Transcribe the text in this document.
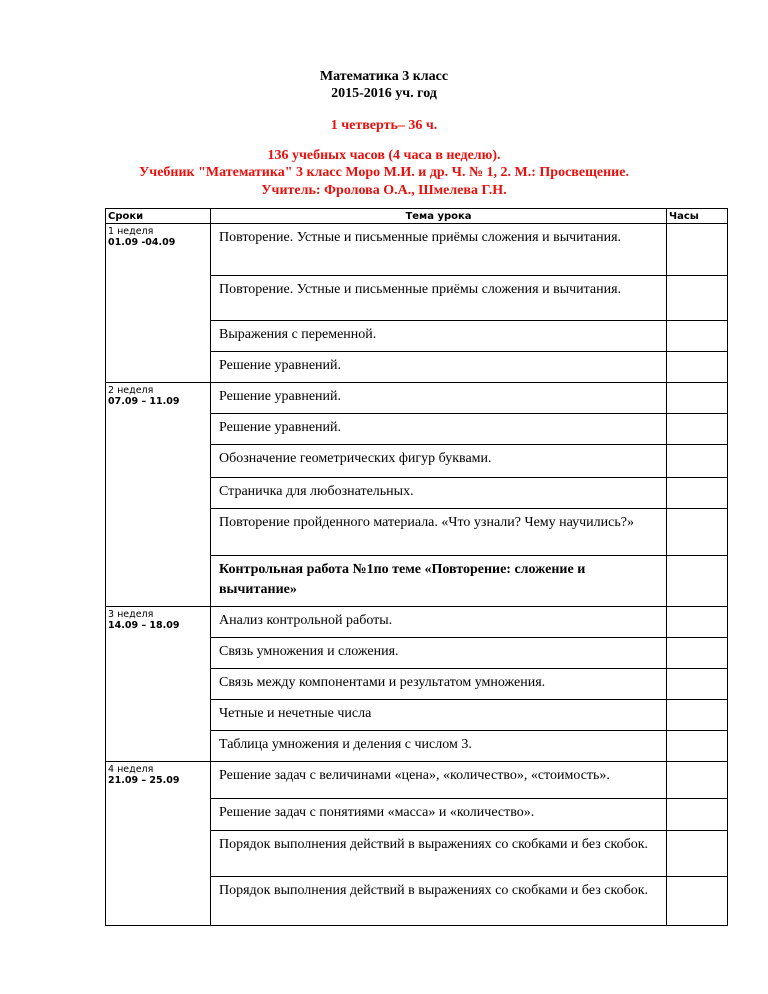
Математика 3 класс
2015-2016 уч. год
1 четверть– 36 ч.
136 учебных часов (4 часа в неделю).
Учебник "Математика" 3 класс Моро М.И. и др. Ч. № 1, 2. М.: Просвещение.
Учитель: Фролова О.А., Шмелева Г.Н.
Сроки	Тема урока	Часы

1 неделя
01.09 -04.09	Повторение. Устные и письменные приёмы сложения и вычитания.	
	Повторение. Устные и письменные приёмы сложения и вычитания.	
	Выражения с переменной.	
	Решение уравнений.	

2 неделя
07.09 – 11.09	Решение уравнений.	
	Решение уравнений.	
	Обозначение геометрических фигур буквами.	
	Страничка для любознательных.	
	Повторение пройденного материала. «Что узнали? Чему научились?»	
	Контрольная работа №1по теме «Повторение: сложение и вычитание»	

3 неделя
14.09 – 18.09	Анализ контрольной работы.	
	Связь умножения и сложения.	
	Связь между компонентами и результатом умножения.	
	Четные и нечетные числа	
	Таблица умножения и деления с числом 3.	

4 неделя
21.09 – 25.09	Решение задач с величинами «цена», «количество», «стоимость».	
	Решение задач с понятиями «масса» и «количество».	
	Порядок выполнения действий в выражениях со скобками и без скобок.	
	Порядок выполнения действий в выражениях со скобками и без скобок.	
